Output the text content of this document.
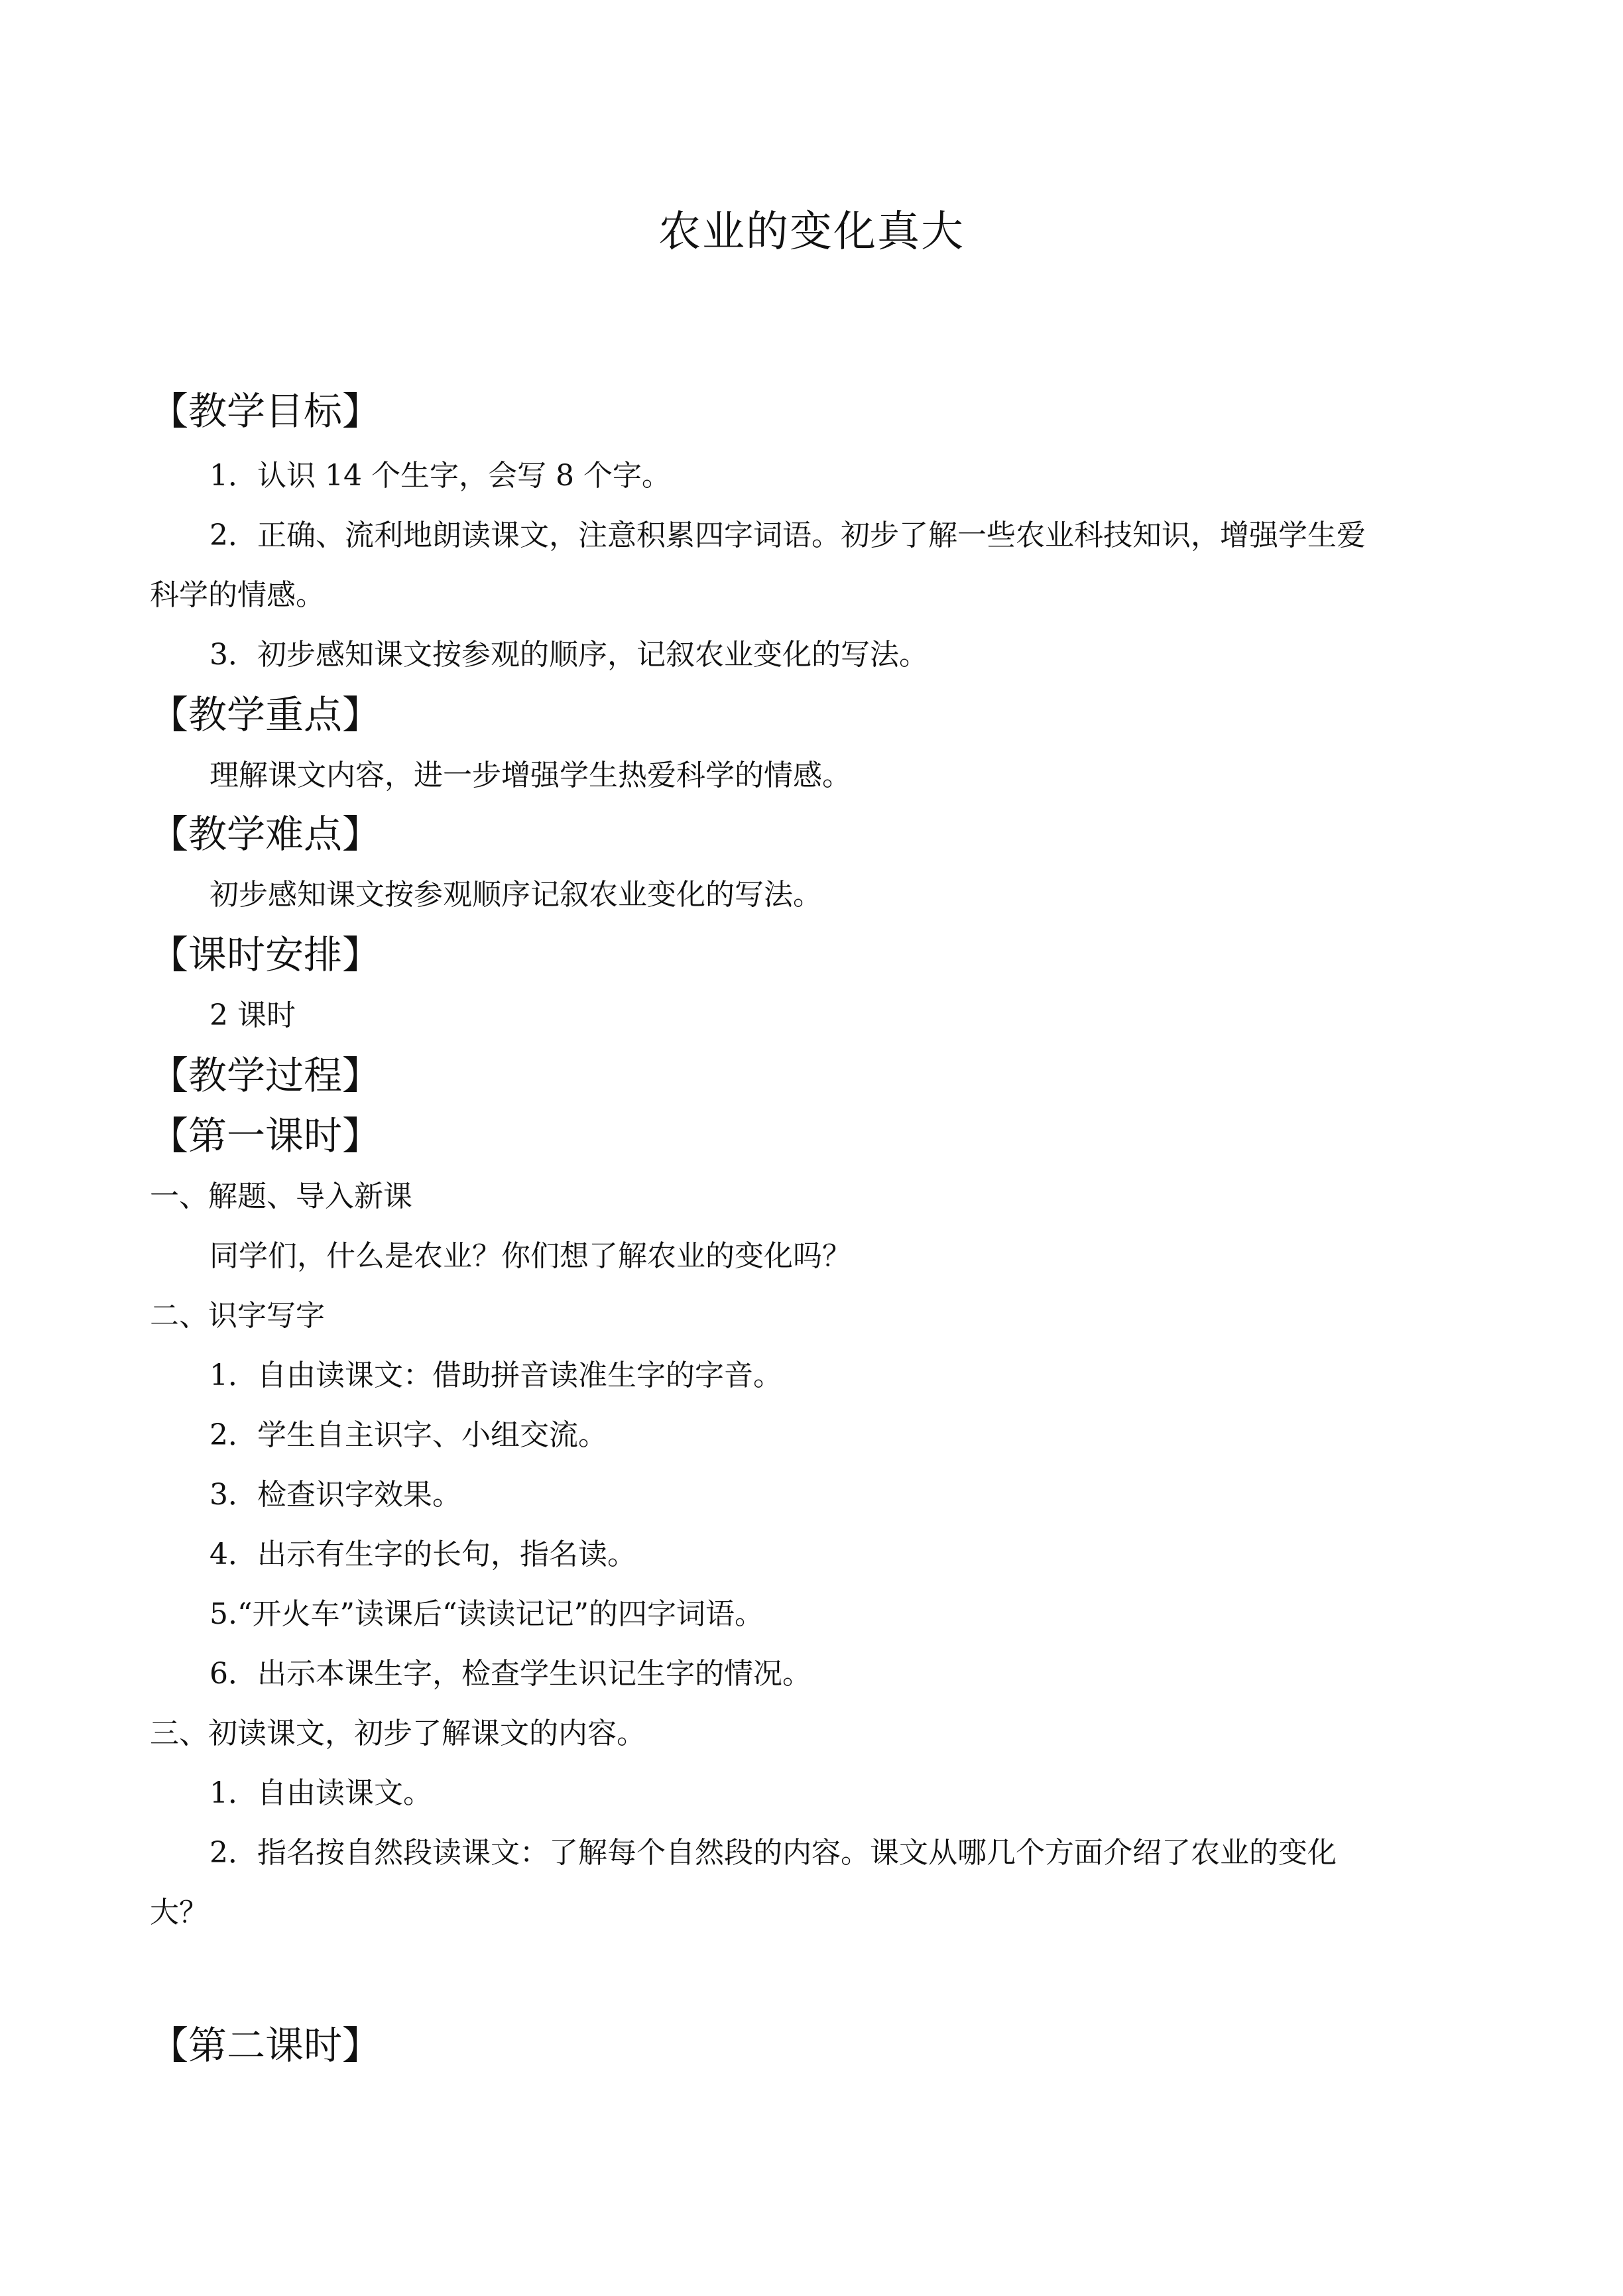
农业的变化真大
【教学目标】
1．认识 14 个生字，会写 8 个字。
2．正确、流利地朗读课文，注意积累四字词语。初步了解一些农业科技知识，增强学生爱
科学的情感。
3．初步感知课文按参观的顺序，记叙农业变化的写法。
【教学重点】
理解课文内容，进一步增强学生热爱科学的情感。
【教学难点】
初步感知课文按参观顺序记叙农业变化的写法。
【课时安排】
2 课时
【教学过程】
【第一课时】
一、解题、导入新课
同学们，什么是农业？你们想了解农业的变化吗？
二、识字写字
1．自由读课文：借助拼音读准生字的字音。
2．学生自主识字、小组交流。
3．检查识字效果。
4．出示有生字的长句，指名读。
5.“开火车”读课后“读读记记”的四字词语。
6．出示本课生字，检查学生识记生字的情况。
三、初读课文，初步了解课文的内容。
1．自由读课文。
2．指名按自然段读课文：了解每个自然段的内容。课文从哪几个方面介绍了农业的变化
大？
【第二课时】
